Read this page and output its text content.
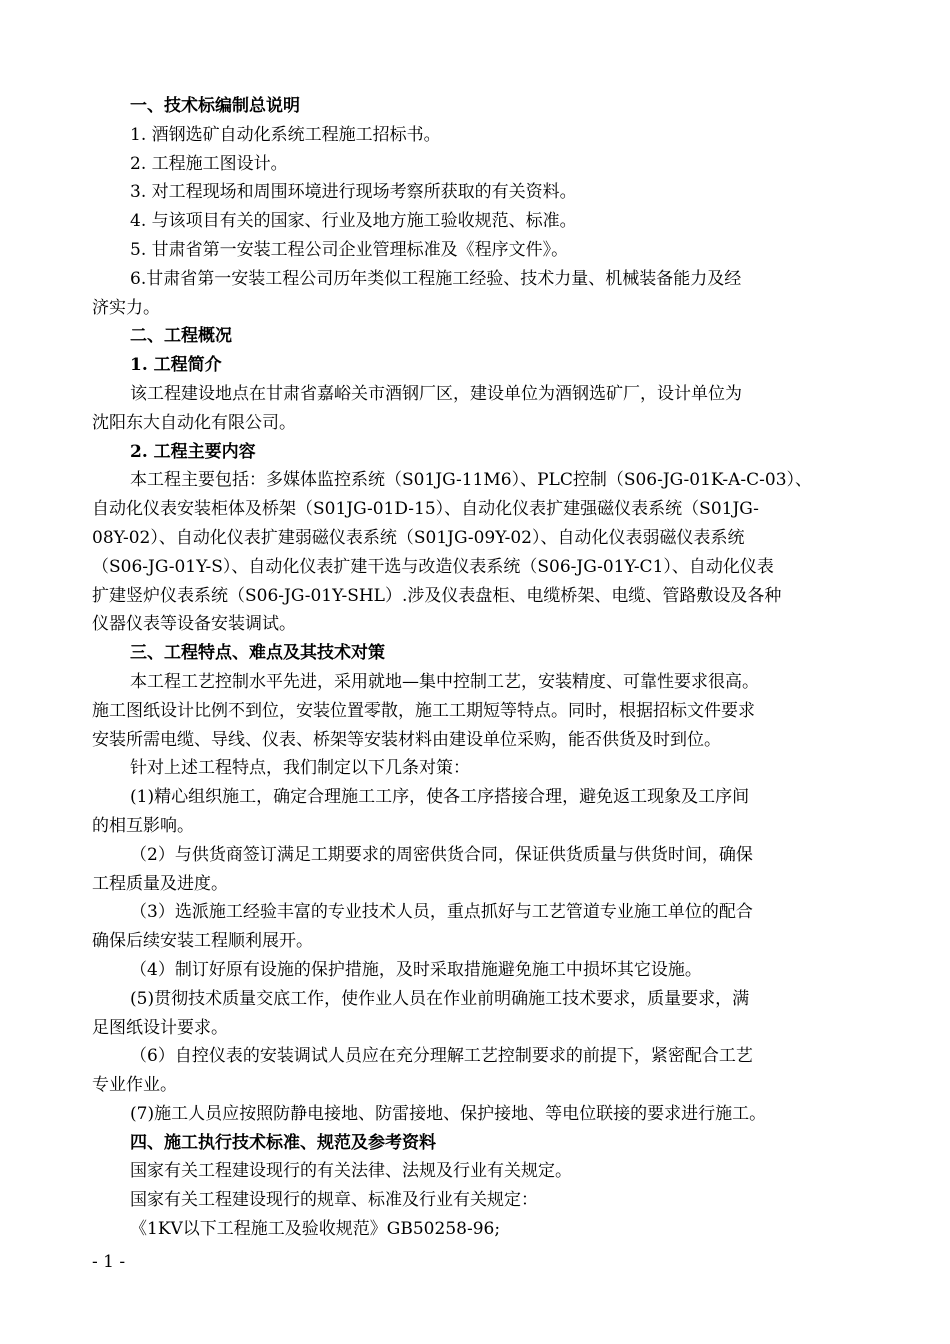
一、技术标编制总说明
1. 酒钢选矿自动化系统工程施工招标书。
2. 工程施工图设计。
3. 对工程现场和周围环境进行现场考察所获取的有关资料。
4. 与该项目有关的国家、行业及地方施工验收规范、标准。
5. 甘肃省第一安装工程公司企业管理标准及《程序文件》。
6.甘肃省第一安装工程公司历年类似工程施工经验、技术力量、机械装备能力及经
济实力。
二、工程概况
1. 工程简介
该工程建设地点在甘肃省嘉峪关市酒钢厂区，建设单位为酒钢选矿厂，设计单位为
沈阳东大自动化有限公司。
2. 工程主要内容
本工程主要包括：多媒体监控系统（S01JG-11M6）、PLC控制（S06-JG-01K-A-C-03）、
自动化仪表安装柜体及桥架（S01JG-01D-15）、自动化仪表扩建强磁仪表系统（S01JG-
08Y-02）、自动化仪表扩建弱磁仪表系统（S01JG-09Y-02）、自动化仪表弱磁仪表系统
（S06-JG-01Y-S）、自动化仪表扩建干选与改造仪表系统（S06-JG-01Y-C1）、自动化仪表
扩建竖炉仪表系统（S06-JG-01Y-SHL）.涉及仪表盘柜、电缆桥架、电缆、管路敷设及各种
仪器仪表等设备安装调试。
三、工程特点、难点及其技术对策
本工程工艺控制水平先进，采用就地—集中控制工艺，安装精度、可靠性要求很高。
施工图纸设计比例不到位，安装位置零散，施工工期短等特点。同时，根据招标文件要求
安装所需电缆、导线、仪表、桥架等安装材料由建设单位采购，能否供货及时到位。
针对上述工程特点，我们制定以下几条对策：
(1)精心组织施工，确定合理施工工序，使各工序搭接合理，避免返工现象及工序间
的相互影响。
（2）与供货商签订满足工期要求的周密供货合同，保证供货质量与供货时间，确保
工程质量及进度。
（3）选派施工经验丰富的专业技术人员，重点抓好与工艺管道专业施工单位的配合
确保后续安装工程顺利展开。
（4）制订好原有设施的保护措施，及时采取措施避免施工中损坏其它设施。
(5)贯彻技术质量交底工作，使作业人员在作业前明确施工技术要求，质量要求，满
足图纸设计要求。
（6）自控仪表的安装调试人员应在充分理解工艺控制要求的前提下，紧密配合工艺
专业作业。
(7)施工人员应按照防静电接地、防雷接地、保护接地、等电位联接的要求进行施工。
四、施工执行技术标准、规范及参考资料
国家有关工程建设现行的有关法律、法规及行业有关规定。
国家有关工程建设现行的规章、标准及行业有关规定：
《1KV以下工程施工及验收规范》GB50258-96;
- 1 -
